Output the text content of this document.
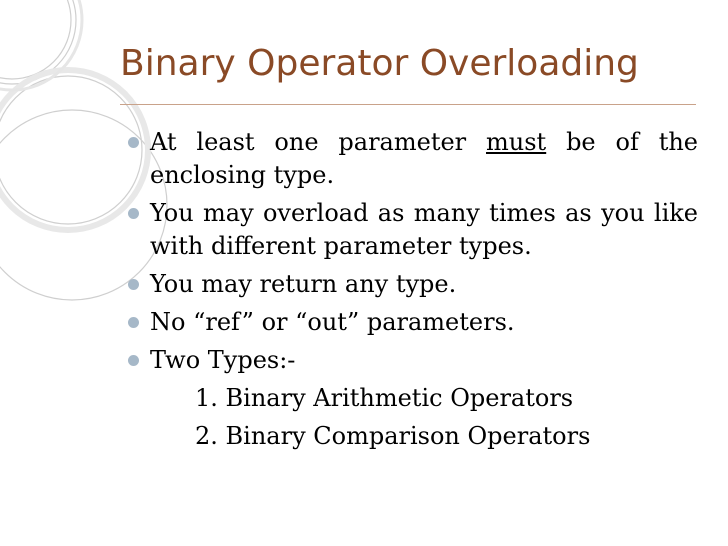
Binary Operator Overloading
At least one parameter must be of the enclosing type.
You may overload as many times as you like with different parameter types.
You may return any type.
No “ref” or “out” parameters.
Two Types:-
1. Binary Arithmetic Operators
2. Binary Comparison Operators
